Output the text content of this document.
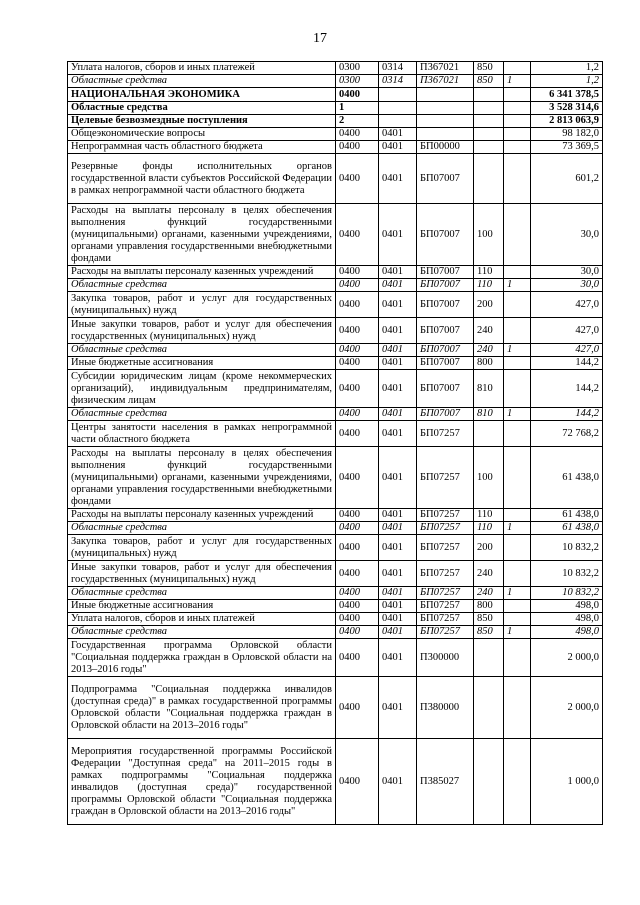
17
Уплата налогов, сборов и иных платежей	0300	0314	П367021	850		1,2
Областные средства	0300	0314	П367021	850	1	1,2
НАЦИОНАЛЬНАЯ ЭКОНОМИКА	0400					6 341 378,5
Областные средства	1					3 528 314,6
Целевые безвозмездные поступления	2					2 813 063,9
Общеэкономические вопросы	0400	0401				98 182,0
Непрограммная часть областного бюджета	0400	0401	БП00000			73 369,5
Резервные фонды исполнительных органов государственной власти субъектов Российской Федерации в рамках непрограммной части областного бюджета	0400	0401	БП07007			601,2
Расходы на выплаты персоналу в целях обеспечения выполнения функций государственными (муниципальными) органами, казенными учреждениями, органами управления государственными внебюджетными фондами	0400	0401	БП07007	100		30,0
Расходы на выплаты персоналу казенных учреждений	0400	0401	БП07007	110		30,0
Областные средства	0400	0401	БП07007	110	1	30,0
Закупка товаров, работ и услуг для государственных (муниципальных) нужд	0400	0401	БП07007	200		427,0
Иные закупки товаров, работ и услуг для обеспечения государственных (муниципальных) нужд	0400	0401	БП07007	240		427,0
Областные средства	0400	0401	БП07007	240	1	427,0
Иные бюджетные ассигнования	0400	0401	БП07007	800		144,2
Субсидии юридическим лицам (кроме некоммерческих организаций), индивидуальным предпринимателям, физическим лицам	0400	0401	БП07007	810		144,2
Областные средства	0400	0401	БП07007	810	1	144,2
Центры занятости населения в рамках непрограммной части областного бюджета	0400	0401	БП07257			72 768,2
Расходы на выплаты персоналу в целях обеспечения выполнения функций государственными (муниципальными) органами, казенными учреждениями, органами управления государственными внебюджетными фондами	0400	0401	БП07257	100		61 438,0
Расходы на выплаты персоналу казенных учреждений	0400	0401	БП07257	110		61 438,0
Областные средства	0400	0401	БП07257	110	1	61 438,0
Закупка товаров, работ и услуг для государственных (муниципальных) нужд	0400	0401	БП07257	200		10 832,2
Иные закупки товаров, работ и услуг для обеспечения государственных (муниципальных) нужд	0400	0401	БП07257	240		10 832,2
Областные средства	0400	0401	БП07257	240	1	10 832,2
Иные бюджетные ассигнования	0400	0401	БП07257	800		498,0
Уплата налогов, сборов и иных платежей	0400	0401	БП07257	850		498,0
Областные средства	0400	0401	БП07257	850	1	498,0
Государственная программа Орловской области "Социальная поддержка граждан в Орловской области на 2013–2016 годы"	0400	0401	П300000			2 000,0
Подпрограмма "Социальная поддержка инвалидов (доступная среда)" в рамках государственной программы Орловской области "Социальная поддержка граждан в Орловской области на 2013–2016 годы"	0400	0401	П380000			2 000,0
Мероприятия государственной программы Российской Федерации "Доступная среда" на 2011–2015 годы в рамках подпрограммы "Социальная поддержка инвалидов (доступная среда)" государственной программы Орловской области "Социальная поддержка граждан в Орловской области на 2013–2016 годы"	0400	0401	П385027			1 000,0
